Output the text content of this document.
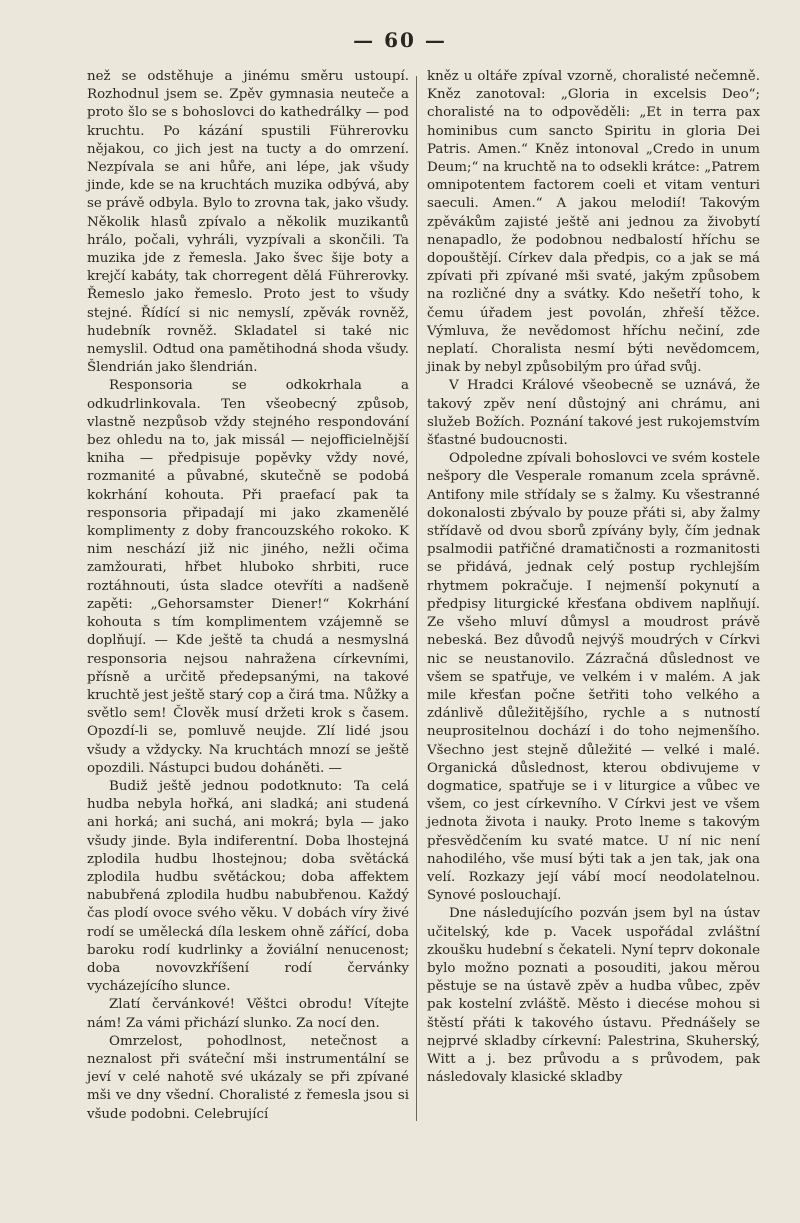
— 60 —

než se odstěhuje a jinému směru ustoupí. Rozhodnul jsem se. Zpěv gymnasia neuteče a proto šlo se s bohoslovci do kathedrálky — pod kruchtu. Po kázání spustili Führerovku nějakou, co jich jest na tucty a do omrzení. Nezpívala se ani hůře, ani lépe, jak všudy jinde, kde se na kruchtách muzika odbývá, aby se právě odbyla. Bylo to zrovna tak, jako všudy. Několik hlasů zpívalo a několik muzikantů hrálo, počali, vyhráli, vyzpívali a skončili. Ta muzika jde z řemesla. Jako švec šije boty a krejčí kabáty, tak chorregent dělá Führerovky. Řemeslo jako řemeslo. Proto jest to všudy stejné. Řídící si nic nemyslí, zpěvák rovněž, hudebník rovněž. Skladatel si také nic nemyslil. Odtud ona pamětihodná shoda všudy. Šlendrián jako šlendrián.

Responsoria se odkokrhala a odkudrlinkovala. Ten všeobecný způsob, vlastně nezpůsob vždy stejného respondování bez ohledu na to, jak missál — nejofficielnější kniha — předpisuje popěvky vždy nové, rozmanité a půvabné, skutečně se podobá kokrhání kohouta. Při praefací pak ta responsoria připadají mi jako zkamenělé komplimenty z doby francouzského rokoko. K nim neschází již nic jiného, nežli očima zamžourati, hřbet hluboko shrbiti, ruce roztáhnouti, ústa sladce otevříti a nadšeně zapěti: „Gehorsamster Diener!“ Kokrhání kohouta s tím komplimentem vzájemně se doplňují. — Kde ještě ta chudá a nesmyslná responsoria nejsou nahražena církevními, přísně a určitě předepsanými, na takové kruchtě jest ještě starý cop a čirá tma. Nůžky a světlo sem! Člověk musí držeti krok s časem. Opozdí-li se, pomluvě neujde. Zlí lidé jsou všudy a vždycky. Na kruchtách mnozí se ještě opozdili. Nástupci budou doháněti. —

Budiž ještě jednou podotknuto: Ta celá hudba nebyla hořká, ani sladká; ani studená ani horká; ani suchá, ani mokrá; byla — jako všudy jinde. Byla indiferentní. Doba lhostejná zplodila hudbu lhostejnou; doba světácká zplodila hudbu světáckou; doba affektem nabubřená zplodila hudbu nabubřenou. Každý čas plodí ovoce svého věku. V dobách víry živé rodí se umělecká díla leskem ohně zářící, doba baroku rodí kudrlinky a žoviální nenucenost; doba novovzkříšení rodí červánky vycházejícího slunce.

Zlatí červánkové! Věštci obrodu! Vítejte nám! Za vámi přichází slunko. Za nocí den.

Omrzelost, pohodlnost, netečnost a neznalost při sváteční mši instrumentální se jeví v celé nahotě své ukázaly se při zpívané mši ve dny všední. Choralisté z řemesla jsou si všude podobni. Celebrující

kněz u oltáře zpíval vzorně, choralisté nečemně. Kněz zanotoval: „Gloria in excelsis Deo“; choralisté na to odpověděli: „Et in terra pax hominibus cum sancto Spiritu in gloria Dei Patris. Amen.“ Kněz intonoval „Credo in unum Deum;“ na kruchtě na to odsekli krátce: „Patrem omnipotentem factorem coeli et vitam venturi saeculi. Amen.“ A jakou melodií! Takovým zpěvákům zajisté ještě ani jednou za živobytí nenapadlo, že podobnou nedbalostí hříchu se dopouštějí. Církev dala předpis, co a jak se má zpívati při zpívané mši svaté, jakým způsobem na rozličné dny a svátky. Kdo nešetří toho, k čemu úřadem jest povolán, zhřeší těžce. Výmluva, že nevědomost hříchu nečiní, zde neplatí. Choralista nesmí býti nevědomcem, jinak by nebyl způsobilým pro úřad svůj.

V Hradci Králové všeobecně se uznává, že takový zpěv není důstojný ani chrámu, ani služeb Božích. Poznání takové jest rukojemstvím šťastné budoucnosti.

Odpoledne zpívali bohoslovci ve svém kostele nešpory dle Vesperale romanum zcela správně. Antifony mile střídaly se s žalmy. Ku všestranné dokonalosti zbývalo by pouze přáti si, aby žalmy střídavě od dvou sborů zpívány byly, čím jednak psalmodii patřičné dramatičnosti a rozmanitosti se přidává, jednak celý postup rychlejším rhytmem pokračuje. I nejmenší pokynutí a předpisy liturgické křesťana obdivem naplňují. Ze všeho mluví důmysl a moudrost právě nebeská. Bez důvodů nejvýš moudrých v Církvi nic se neustanovilo. Zázračná důslednost ve všem se spatřuje, ve velkém i v malém. A jak mile křesťan počne šetřiti toho velkého a zdánlivě důležitějšího, rychle a s nutností neuprositelnou dochází i do toho nejmenšího. Všechno jest stejně důležité — velké i malé. Organická důslednost, kterou obdivujeme v dogmatice, spatřuje se i v liturgice a vůbec ve všem, co jest církevního. V Církvi jest ve všem jednota života i nauky. Proto lneme s takovým přesvědčením ku svaté matce. U ní nic není nahodilého, vše musí býti tak a jen tak, jak ona velí. Rozkazy její vábí mocí neodolatelnou. Synové poslouchají.

Dne následujícího pozván jsem byl na ústav učitelský, kde p. Vacek uspořádal zvláštní zkoušku hudební s čekateli. Nyní teprv dokonale bylo možno poznati a posouditi, jakou měrou pěstuje se na ústavě zpěv a hudba vůbec, zpěv pak kostelní zvláště. Město i diecése mohou si štěstí přáti k takového ústavu. Přednášely se nejprvé skladby církevní: Palestrina, Skuherský, Witt a j. bez průvodu a s průvodem, pak následovaly klasické skladby
